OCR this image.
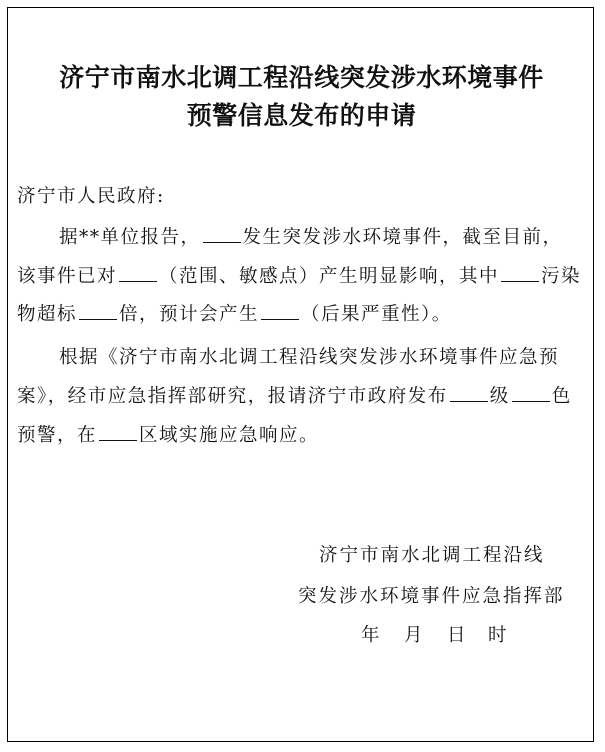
济宁市南水北调工程沿线突发涉水环境事件
预警信息发布的申请
济宁市人民政府:
据**单位报告， 发生突发涉水环境事件，截至目前，
该事件已对 （范围、敏感点）产生明显影响，其中 污染
物超标 倍，预计会产生 （后果严重性）。
根据《济宁市南水北调工程沿线突发涉水环境事件应急预
案》，经市应急指挥部研究，报请济宁市政府发布 级 色
预警，在 区域实施应急响应。
济宁市南水北调工程沿线
突发涉水环境事件应急指挥部
年 月 日 时
